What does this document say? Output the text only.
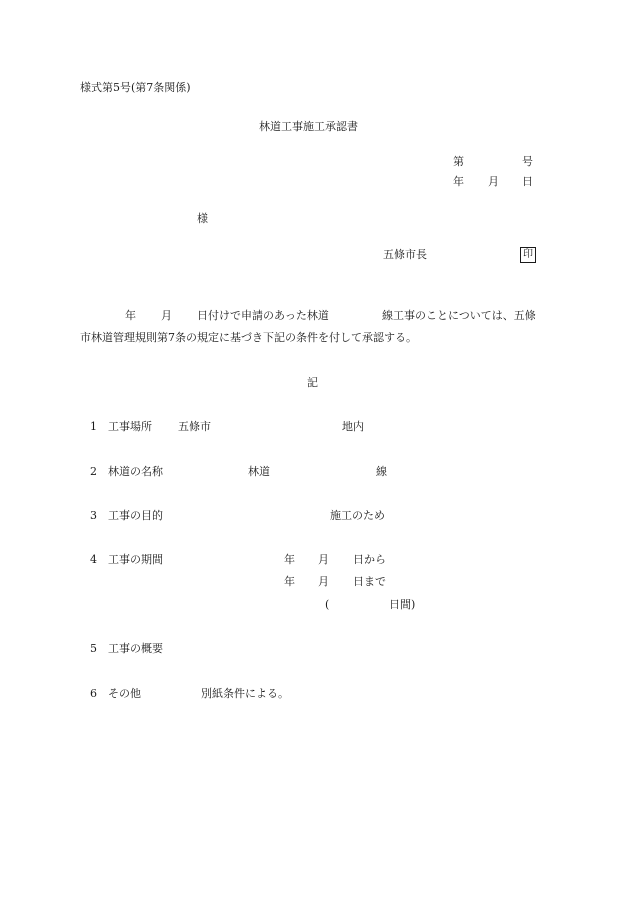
様式第5号(第7条関係)
林道工事施工承認書
第	号
年 月 日
様
五條市長	印
年 月 日付けで申請のあった林道	線工事のことについては、五條
市林道管理規則第7条の規定に基づき下記の条件を付して承認する。
記
1 工事場所 五條市	地内
2 林道の名称	林道	線
3 工事の目的	施工のため
4 工事の期間	年 月 日から
年 月 日まで
(	日間)
5 工事の概要
6 その他	別紙条件による。
